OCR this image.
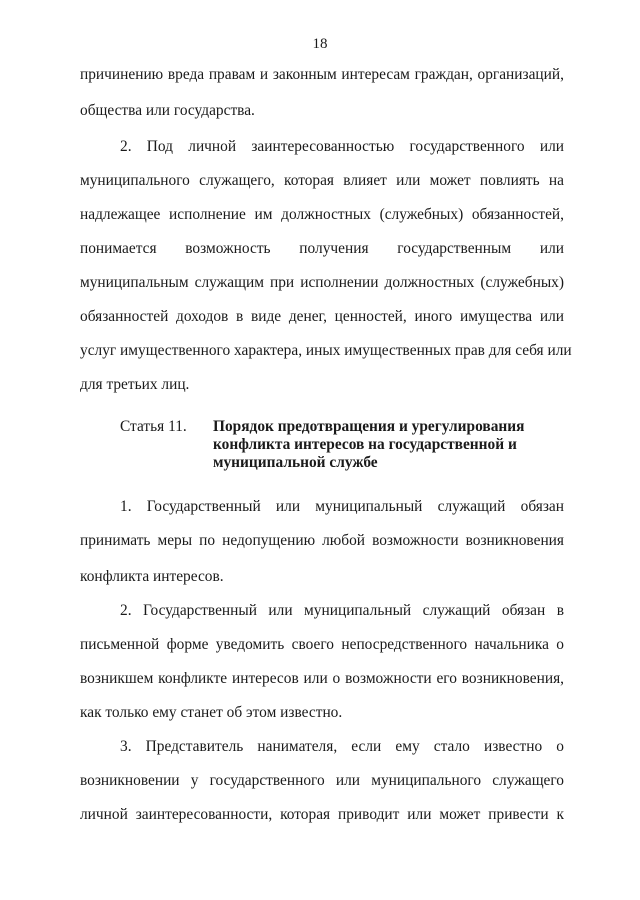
18
причинению вреда правам и законным интересам граждан, организаций,
общества или государства.
2. Под личной заинтересованностью государственного или
муниципального служащего, которая влияет или может повлиять на
надлежащее исполнение им должностных (служебных) обязанностей,
понимается возможность получения государственным или
муниципальным служащим при исполнении должностных (служебных)
обязанностей доходов в виде денег, ценностей, иного имущества или
услуг имущественного характера, иных имущественных прав для себя или
для третьих лиц.
Статья 11. Порядок предотвращения и урегулирования
конфликта интересов на государственной и
муниципальной службе
1. Государственный или муниципальный служащий обязан
принимать меры по недопущению любой возможности возникновения
конфликта интересов.
2. Государственный или муниципальный служащий обязан в
письменной форме уведомить своего непосредственного начальника о
возникшем конфликте интересов или о возможности его возникновения,
как только ему станет об этом известно.
3. Представитель нанимателя, если ему стало известно о
возникновении у государственного или муниципального служащего
личной заинтересованности, которая приводит или может привести к
